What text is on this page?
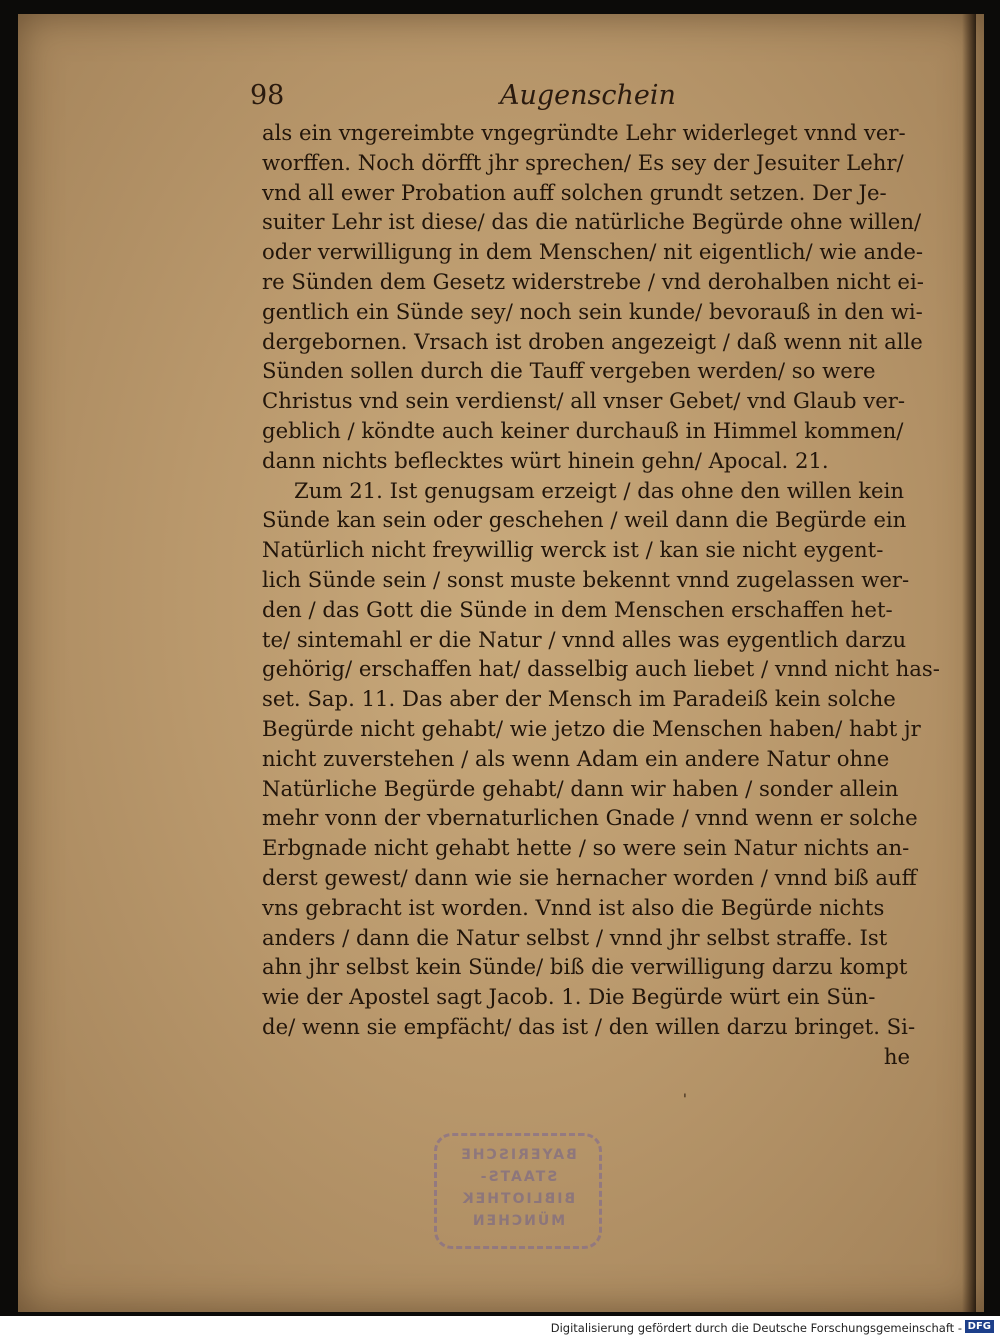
98	Augenschein
als ein vngereimbte vngegründte Lehr widerleget vnnd ver-
worffen. Noch dörfft jhr sprechen/ Es sey der Jesuiter Lehr/
vnd all ewer Probation auff solchen grundt setzen. Der Je-
suiter Lehr ist diese/ das die natürliche Begürde ohne willen/
oder verwilligung in dem Menschen/ nit eigentlich/ wie ande-
re Sünden dem Gesetz widerstrebe / vnd derohalben nicht ei-
gentlich ein Sünde sey/ noch sein kunde/ bevorauß in den wi-
dergebornen. Vrsach ist droben angezeigt / daß wenn nit alle
Sünden sollen durch die Tauff vergeben werden/ so were
Christus vnd sein verdienst/ all vnser Gebet/ vnd Glaub ver-
geblich / köndte auch keiner durchauß in Himmel kommen/
dann nichts beflecktes würt hinein gehn/ Apocal. 21.
Zum 21. Ist genugsam erzeigt / das ohne den willen kein
Sünde kan sein oder geschehen / weil dann die Begürde ein
Natürlich nicht freywillig werck ist / kan sie nicht eygent-
lich Sünde sein / sonst muste bekennt vnnd zugelassen wer-
den / das Gott die Sünde in dem Menschen erschaffen het-
te/ sintemahl er die Natur / vnnd alles was eygentlich darzu
gehörig/ erschaffen hat/ dasselbig auch liebet / vnnd nicht has-
set. Sap. 11. Das aber der Mensch im Paradeiß kein solche
Begürde nicht gehabt/ wie jetzo die Menschen haben/ habt jr
nicht zuverstehen / als wenn Adam ein andere Natur ohne
Natürliche Begürde gehabt/ dann wir haben / sonder allein
mehr vonn der vbernaturlichen Gnade / vnnd wenn er solche
Erbgnade nicht gehabt hette / so were sein Natur nichts an-
derst gewest/ dann wie sie hernacher worden / vnnd biß auff
vns gebracht ist worden. Vnnd ist also die Begürde nichts
anders / dann die Natur selbst / vnnd jhr selbst straffe. Ist
ahn jhr selbst kein Sünde/ biß die verwilligung darzu kompt
wie der Apostel sagt Jacob. 1. Die Begürde würt ein Sün-
de/ wenn sie empfächt/ das ist / den willen darzu bringet. Si-
he
'
BAYERISCHE
STAATS-
BIBLIOTHEK
MÜNCHEN
Digitalisierung gefördert durch die Deutsche Forschungsgemeinschaft - DFG
